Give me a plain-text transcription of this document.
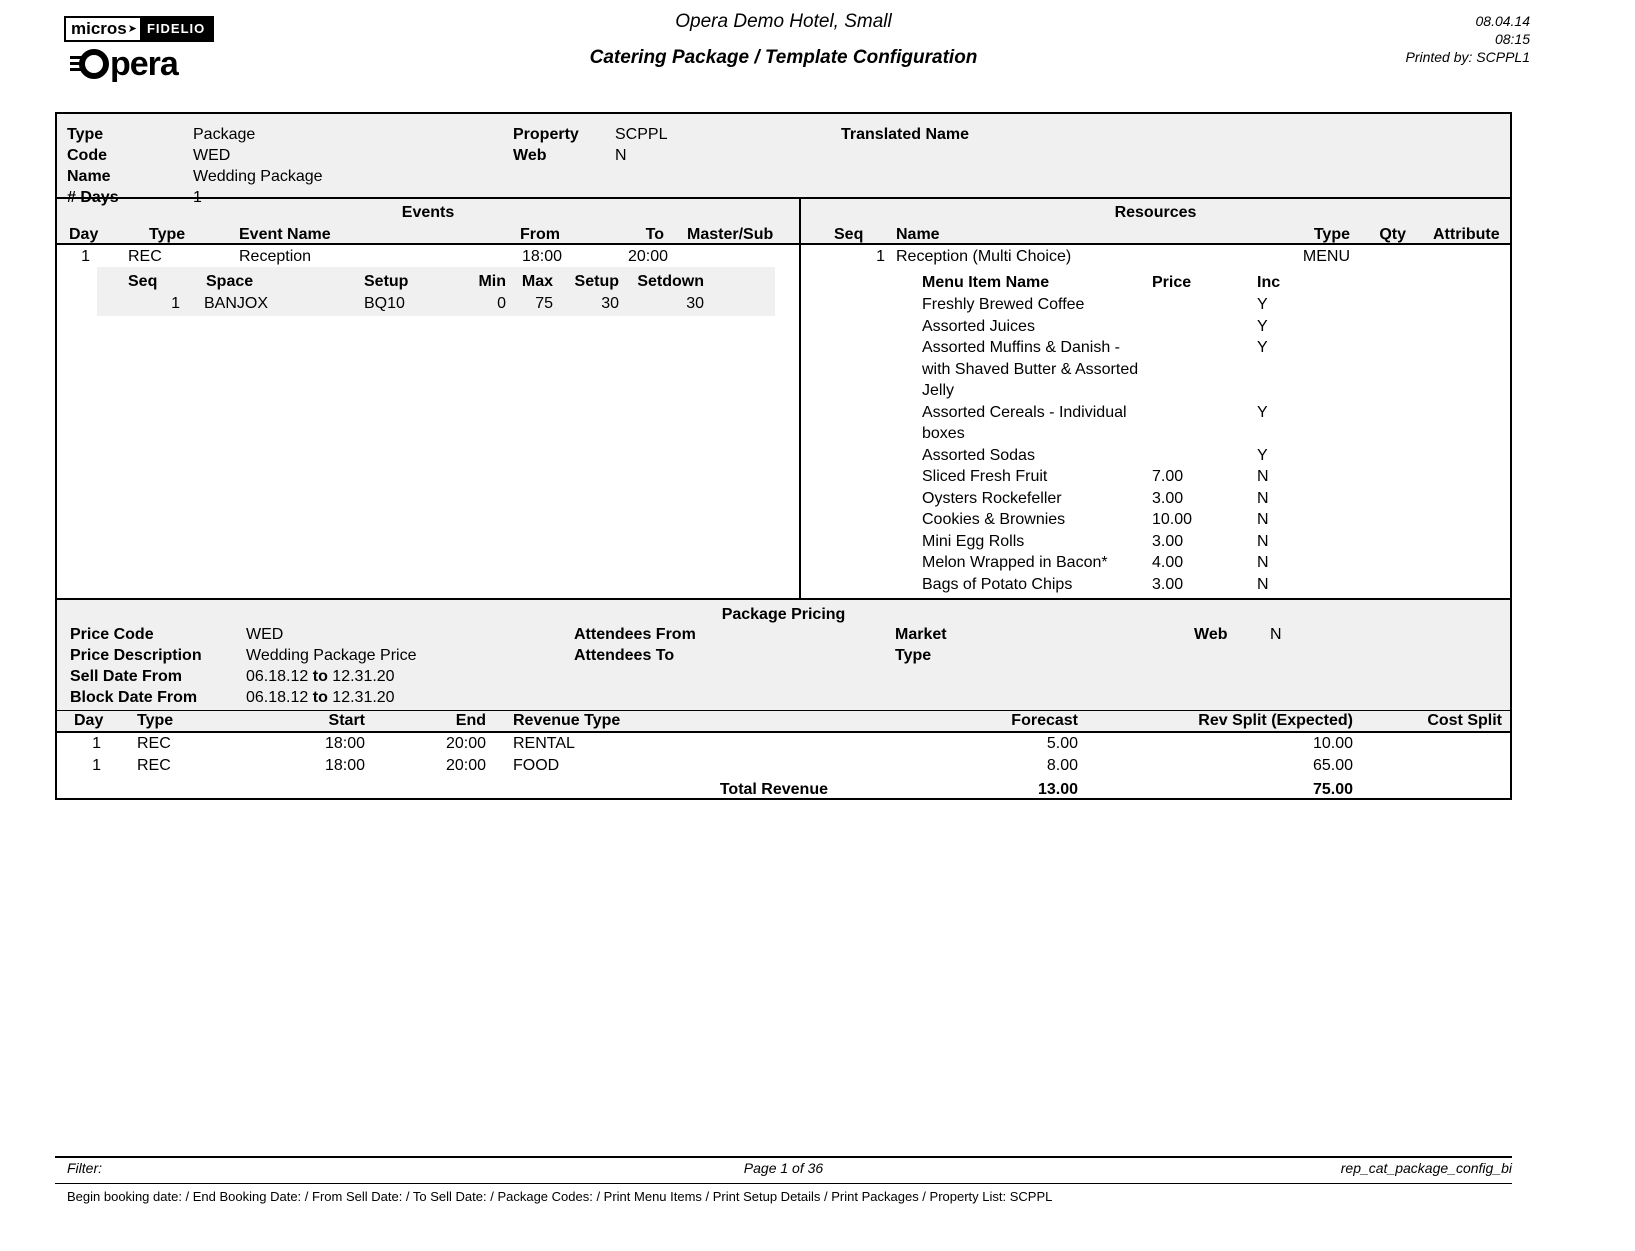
micros ➤ FIDELIO
pera
Opera Demo Hotel, Small
Catering Package / Template Configuration
08.04.14
08:15
Printed by: SCPPL1
Type	Package	Property SCPPL	Translated Name
Code	WED	Web	N
Name	Wedding Package
# Days	1
Events
Day	Type	Event Name	From	To Master/Sub
1 REC	Reception	18:00	20:00
Seq	Space	Setup	Min Max Setup Setdown
1 BANJOX	BQ10	0 75	30	30
Resources
Seq Name	Type Qty Attribute
1 Reception (Multi Choice)	MENU
Menu Item Name	Price	Inc
Freshly Brewed Coffee		Y
Assorted Juices		Y
Assorted Muffins & Danish - with Shaved Butter & Assorted Jelly		Y
Assorted Cereals - Individual boxes		Y
Assorted Sodas		Y
Sliced Fresh Fruit	7.00	N
Oysters Rockefeller	3.00	N
Cookies & Brownies	10.00	N
Mini Egg Rolls	3.00	N
Melon Wrapped in Bacon*	4.00	N
Bags of Potato Chips	3.00	N
Package Pricing
Price Code	WED	Attendees From	Market	Web	N
Price Description	Wedding Package Price	Attendees To	Type
Sell Date From	06.18.12 to 12.31.20
Block Date From	06.18.12 to 12.31.20
Day Type	Start	End Revenue Type	Forecast	Rev Split (Expected)	Cost Split
1 REC	18:00	20:00 RENTAL	5.00	10.00
1 REC	18:00	20:00 FOOD	8.00	65.00
Total Revenue	13.00	75.00
Filter:	Page 1 of 36	rep_cat_package_config_bi
Begin booking date: / End Booking Date: / From Sell Date: / To Sell Date: / Package Codes: / Print Menu Items / Print Setup Details / Print Packages / Property List: SCPPL
